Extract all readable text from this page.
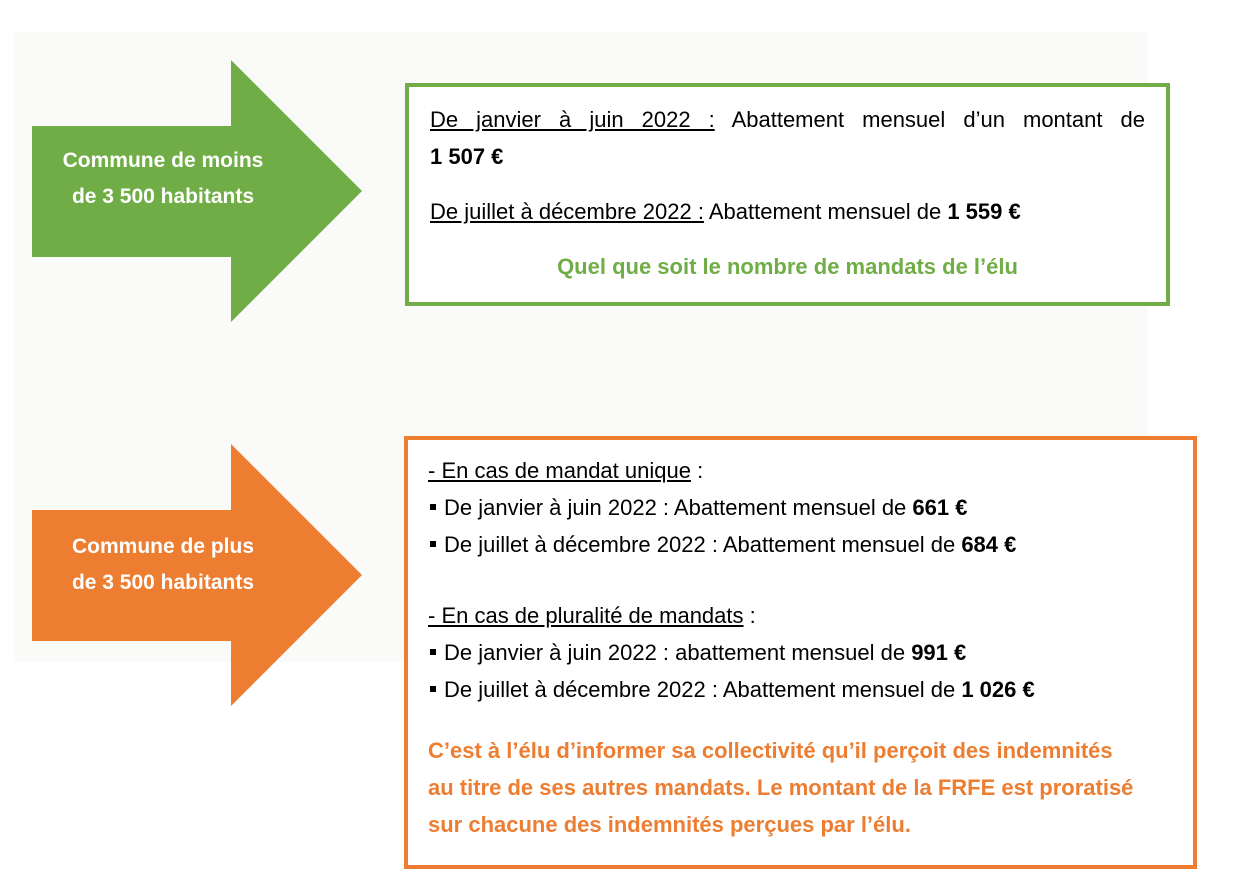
Commune de moins
de 3 500 habitants
De janvier à juin 2022 : Abattement mensuel d’un montant de
1 507 €
De juillet à décembre 2022 : Abattement mensuel de 1 559 €
Quel que soit le nombre de mandats de l’élu
Commune de plus
de 3 500 habitants
- En cas de mandat unique :
De janvier à juin 2022 : Abattement mensuel de 661 €
De juillet à décembre 2022 : Abattement mensuel de 684 €
- En cas de pluralité de mandats :
De janvier à juin 2022 : abattement mensuel de 991 €
De juillet à décembre 2022 : Abattement mensuel de 1 026 €
C’est à l’élu d’informer sa collectivité qu’il perçoit des indemnités
au titre de ses autres mandats. Le montant de la FRFE est proratisé
sur chacune des indemnités perçues par l’élu.
